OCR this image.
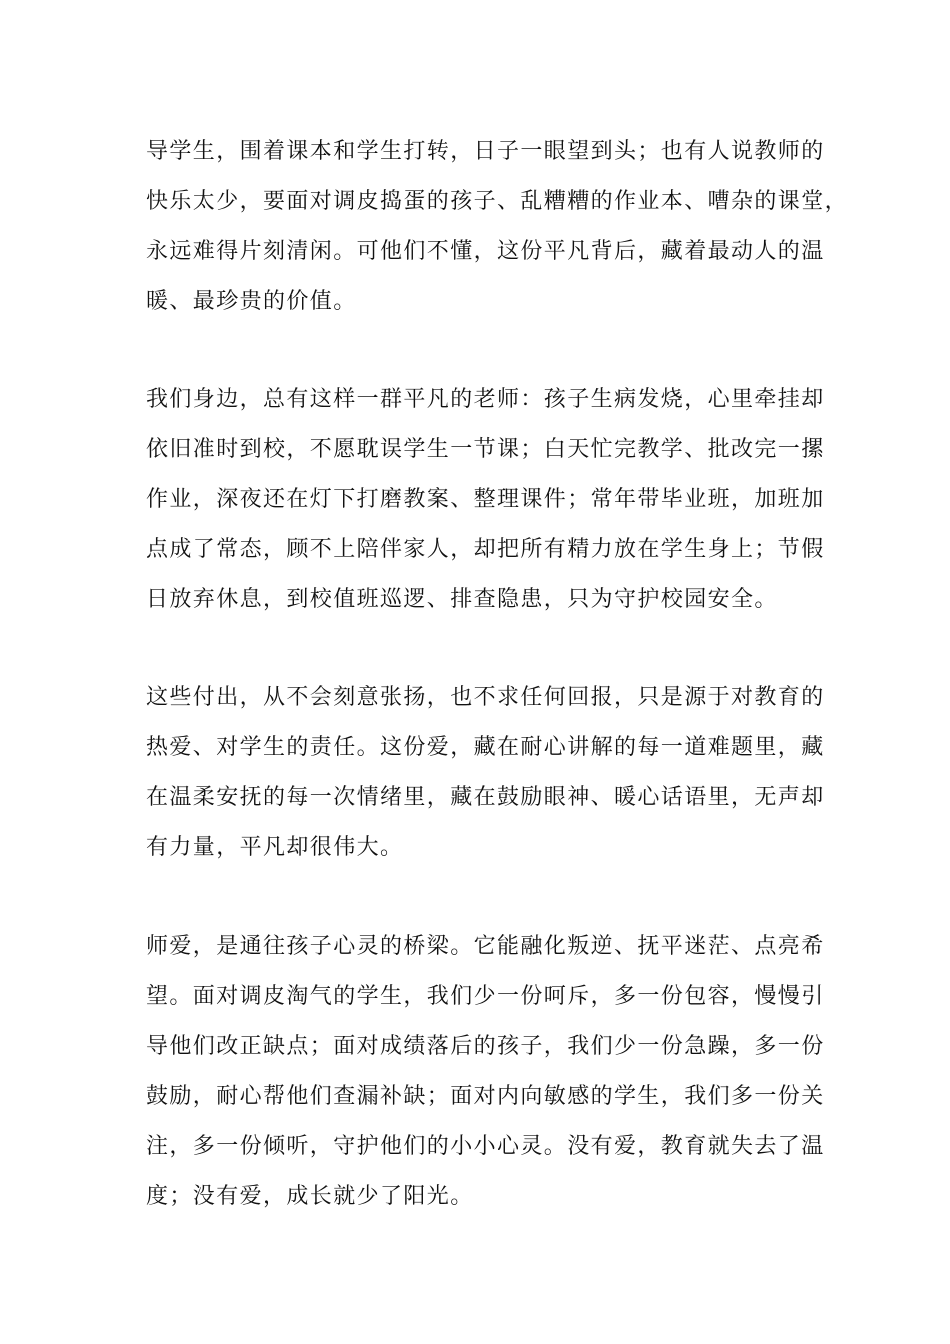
导学生，围着课本和学生打转，日子一眼望到头；也有人说教师的
快乐太少，要面对调皮捣蛋的孩子、乱糟糟的作业本、嘈杂的课堂，
永远难得片刻清闲。可他们不懂，这份平凡背后，藏着最动人的温
暖、最珍贵的价值。
我们身边，总有这样一群平凡的老师：孩子生病发烧，心里牵挂却
依旧准时到校，不愿耽误学生一节课；白天忙完教学、批改完一摞
作业，深夜还在灯下打磨教案、整理课件；常年带毕业班，加班加
点成了常态，顾不上陪伴家人，却把所有精力放在学生身上；节假
日放弃休息，到校值班巡逻、排查隐患，只为守护校园安全。
这些付出，从不会刻意张扬，也不求任何回报，只是源于对教育的
热爱、对学生的责任。这份爱，藏在耐心讲解的每一道难题里，藏
在温柔安抚的每一次情绪里，藏在鼓励眼神、暖心话语里，无声却
有力量，平凡却很伟大。
师爱，是通往孩子心灵的桥梁。它能融化叛逆、抚平迷茫、点亮希
望。面对调皮淘气的学生，我们少一份呵斥，多一份包容，慢慢引
导他们改正缺点；面对成绩落后的孩子，我们少一份急躁，多一份
鼓励，耐心帮他们查漏补缺；面对内向敏感的学生，我们多一份关
注，多一份倾听，守护他们的小小心灵。没有爱，教育就失去了温
度；没有爱，成长就少了阳光。
